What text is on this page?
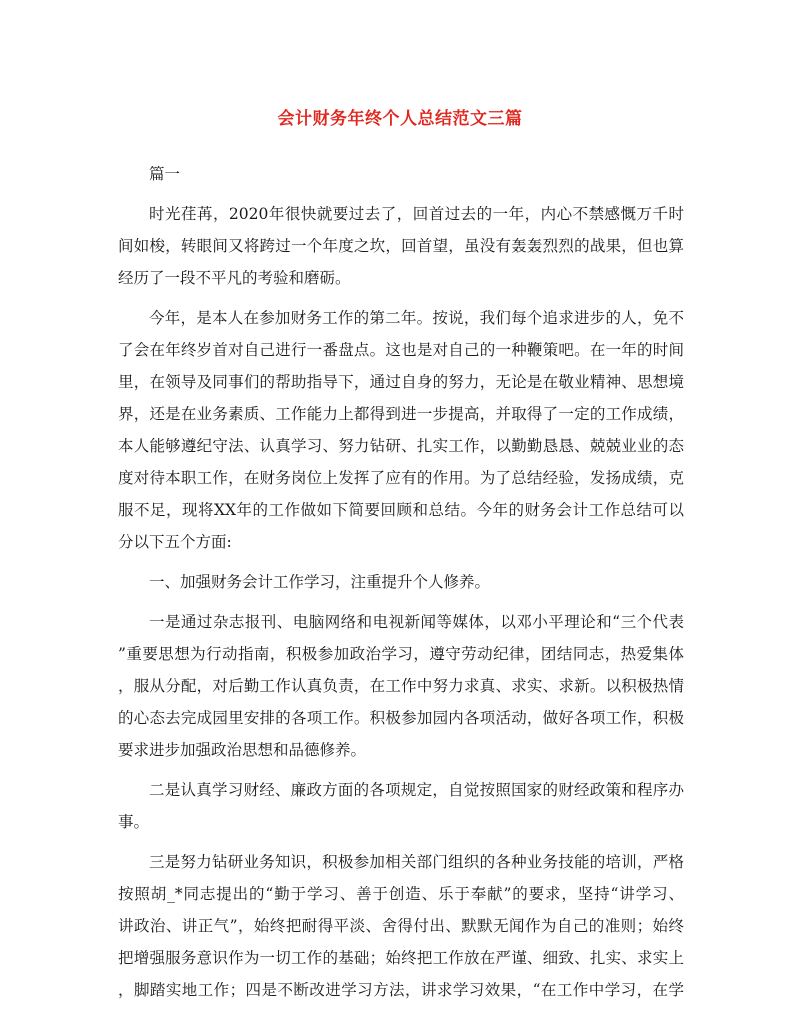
会计财务年终个人总结范文三篇
篇一
时光荏苒，2020年很快就要过去了，回首过去的一年，内心不禁感慨万千时
间如梭，转眼间又将跨过一个年度之坎，回首望，虽没有轰轰烈烈的战果，但也算
经历了一段不平凡的考验和磨砺。
今年，是本人在参加财务工作的第二年。按说，我们每个追求进步的人，免不
了会在年终岁首对自己进行一番盘点。这也是对自己的一种鞭策吧。在一年的时间
里，在领导及同事们的帮助指导下，通过自身的努力，无论是在敬业精神、思想境
界，还是在业务素质、工作能力上都得到进一步提高，并取得了一定的工作成绩，
本人能够遵纪守法、认真学习、努力钻研、扎实工作，以勤勤恳恳、兢兢业业的态
度对待本职工作，在财务岗位上发挥了应有的作用。为了总结经验，发扬成绩，克
服不足，现将XX年的工作做如下简要回顾和总结。今年的财务会计工作总结可以
分以下五个方面:
一、加强财务会计工作学习，注重提升个人修养。
一是通过杂志报刊、电脑网络和电视新闻等媒体，以邓小平理论和“三个代表
”重要思想为行动指南，积极参加政治学习，遵守劳动纪律，团结同志，热爱集体
，服从分配，对后勤工作认真负责，在工作中努力求真、求实、求新。以积极热情
的心态去完成园里安排的各项工作。积极参加园内各项活动，做好各项工作，积极
要求进步加强政治思想和品德修养。
二是认真学习财经、廉政方面的各项规定，自觉按照国家的财经政策和程序办
事。
三是努力钻研业务知识，积极参加相关部门组织的各种业务技能的培训，严格
按照胡_*同志提出的“勤于学习、善于创造、乐于奉献”的要求，坚持“讲学习、
讲政治、讲正气”，始终把耐得平淡、舍得付出、默默无闻作为自己的准则；始终
把增强服务意识作为一切工作的基础；始终把工作放在严谨、细致、扎实、求实上
，脚踏实地工作；四是不断改进学习方法，讲求学习效果，“在工作中学习，在学
